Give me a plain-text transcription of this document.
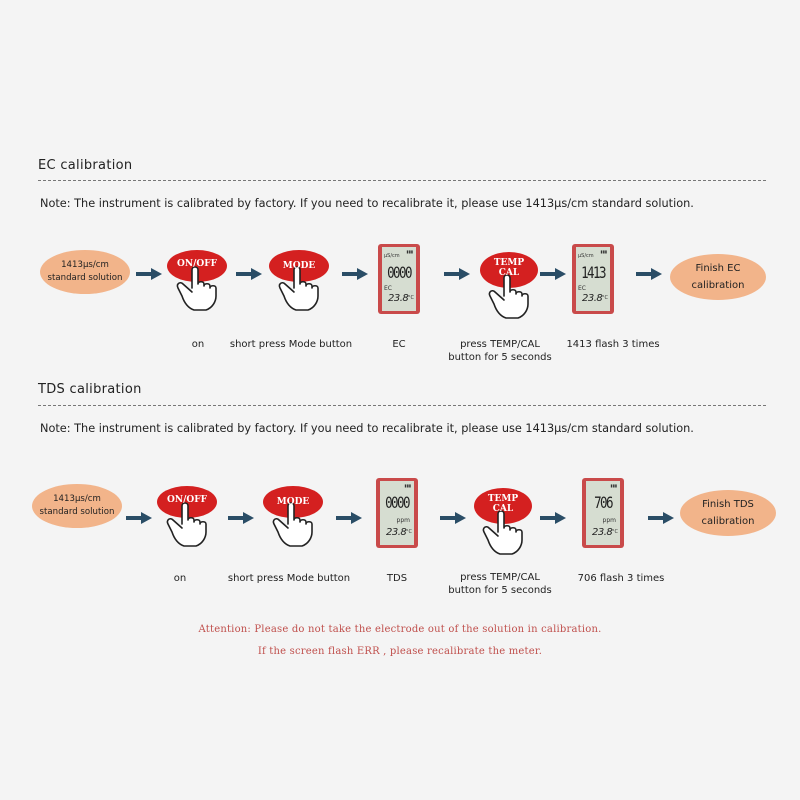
EC calibration
Note: The instrument is calibrated by factory. If you need to recalibrate it, please use 1413μs/cm standard solution.
1413μs/cm
standard solution
ON/OFF	MODE
▮▮▮
μS/cm
0000
EC
23.8 °C
TEMP
CAL
▮▮▮
μS/cm
1413
EC
23.8 °C
Finish EC
calibration
on	short press Mode button	EC	press TEMP/CAL
button for 5 seconds
1413 flash 3 times
TDS calibration
Note: The instrument is calibrated by factory. If you need to recalibrate it, please use 1413μs/cm standard solution.
1413μs/cm
standard solution
ON/OFF	MODE
▮▮▮
0000
ppm
23.8 °C
TEMP
CAL
▮▮▮
706
ppm
23.8 °C
Finish TDS
calibration
on	short press Mode button	TDS	press TEMP/CAL
button for 5 seconds
706 flash 3 times
Attention: Please do not take the electrode out of the solution in calibration.
If the screen flash ERR , please recalibrate the meter.
